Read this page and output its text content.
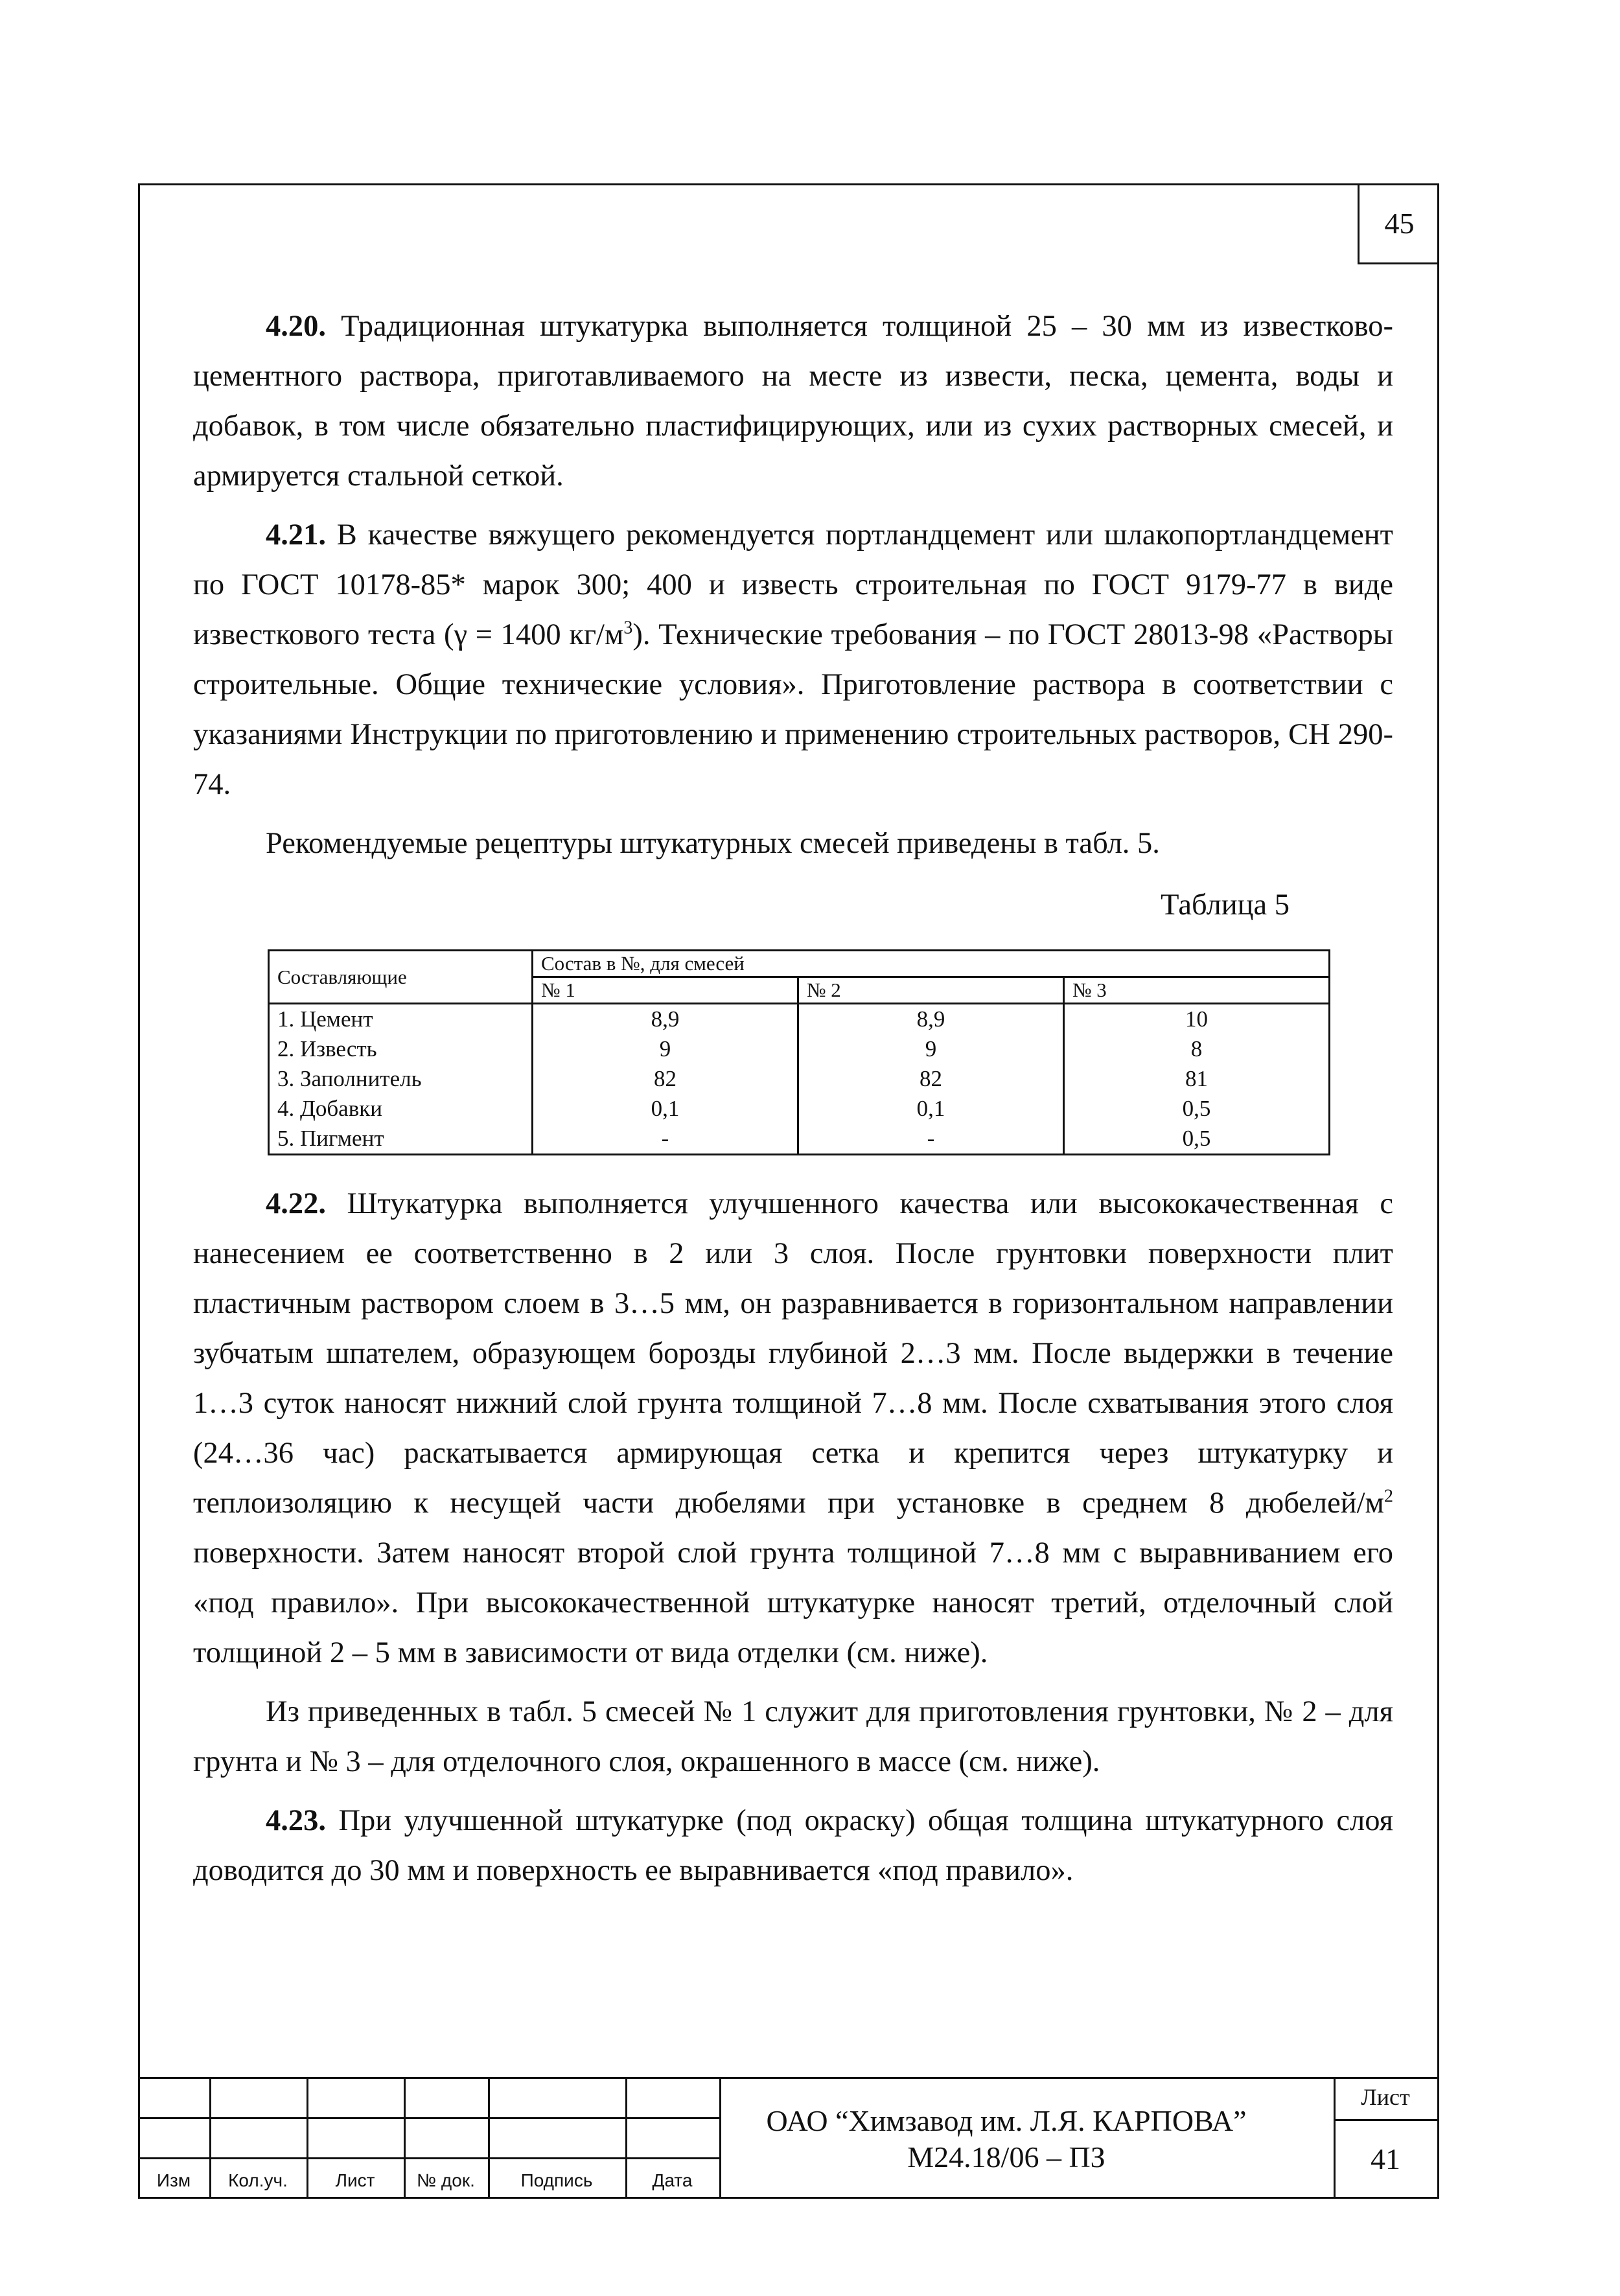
45

4.20. Традиционная штукатурка выполняется толщиной 25 – 30 мм из известково-цементного раствора, приготавливаемого на месте из извести, песка, цемента, воды и добавок, в том числе обязательно пластифицирующих, или из сухих растворных смесей, и армируется стальной сеткой.

4.21. В качестве вяжущего рекомендуется портландцемент или шлакопортландцемент по ГОСТ 10178-85* марок 300; 400 и известь строительная по ГОСТ 9179-77 в виде известкового теста (γ = 1400 $кг/м^3$). Технические требования – по ГОСТ 28013-98 «Растворы строительные. Общие технические условия». Приготовление раствора в соответствии с указаниями Инструкции по приготовлению и применению строительных растворов, СН 290-74.

Рекомендуемые рецептуры штукатурных смесей приведены в табл. 5.

Таблица 5

Составляющие	Состав в №, для смесей		
	№ 1	№ 2	№ 3
1. Цемент	8,9	8,9	10
2. Известь	9	9	8
3. Заполнитель	82	82	81
4. Добавки	0,1	0,1	0,5
5. Пигмент	-	-	0,5

4.22. Штукатурка выполняется улучшенного качества или высококачественная с нанесением ее соответственно в 2 или 3 слоя. После грунтовки поверхности плит пластичным раствором слоем в 3…5 мм, он разравнивается в горизонтальном направлении зубчатым шпателем, образующем борозды глубиной 2…3 мм. После выдержки в течение 1…3 суток наносят нижний слой грунта толщиной 7…8 мм. После схватывания этого слоя (24…36 час) раскатывается армирующая сетка и крепится через штукатурку и теплоизоляцию к несущей части дюбелями при установке в среднем 8 дюбелей/$м^2$ поверхности. Затем наносят второй слой грунта толщиной 7…8 мм с выравниванием его «под правило». При высококачественной штукатурке наносят третий, отделочный слой толщиной 2 – 5 мм в зависимости от вида отделки (см. ниже).

Из приведенных в табл. 5 смесей № 1 служит для приготовления грунтовки, № 2 – для грунта и № 3 – для отделочного слоя, окрашенного в массе (см. ниже).

4.23. При улучшенной штукатурке (под окраску) общая толщина штукатурного слоя доводится до 30 мм и поверхность ее выравнивается «под правило».

Изм	Кол.уч.	Лист	№ док.	Подпись	Дата
ОАО “Химзавод им. Л.Я. КАРПОВА”
М24.18/06 – ПЗ
Лист
41
